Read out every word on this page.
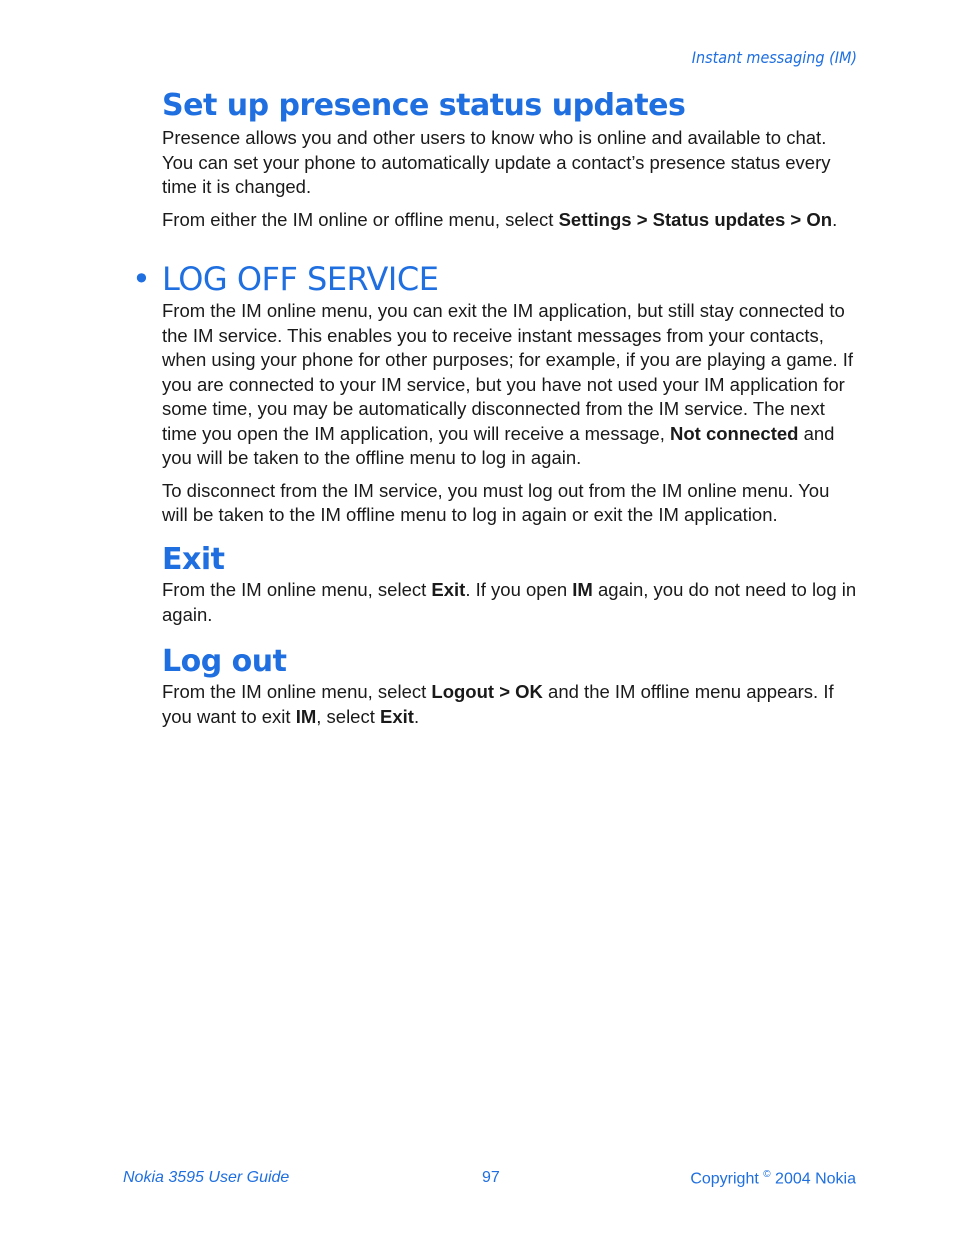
Instant messaging (IM)
Set up presence status updates

Presence allows you and other users to know who is online and available to chat. You can set your phone to automatically update a contact’s presence status every time it is changed.

From either the IM online or offline menu, select Settings > Status updates > On.

• LOG OFF SERVICE

From the IM online menu, you can exit the IM application, but still stay connected to the IM service. This enables you to receive instant messages from your contacts, when using your phone for other purposes; for example, if you are playing a game. If you are connected to your IM service, but you have not used your IM application for some time, you may be automatically disconnected from the IM service. The next time you open the IM application, you will receive a message, Not connected and you will be taken to the offline menu to log in again.

To disconnect from the IM service, you must log out from the IM online menu. You will be taken to the IM offline menu to log in again or exit the IM application.

Exit

From the IM online menu, select Exit. If you open IM again, you do not need to log in again.

Log out

From the IM online menu, select Logout > OK and the IM offline menu appears. If you want to exit IM, select Exit.

Nokia 3595 User Guide	97	Copyright © 2004 Nokia
